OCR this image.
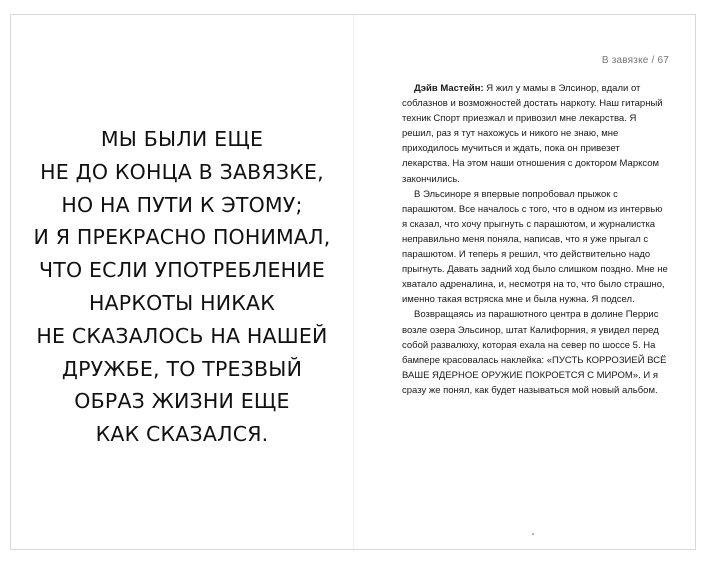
МЫ БЫЛИ ЕЩЕ
НЕ ДО КОНЦА В ЗАВЯЗКЕ,
НО НА ПУТИ К ЭТОМУ;
И Я ПРЕКРАСНО ПОНИМАЛ,
ЧТО ЕСЛИ УПОТРЕБЛЕНИЕ
НАРКОТЫ НИКАК
НЕ СКАЗАЛОСЬ НА НАШЕЙ
ДРУЖБЕ, ТО ТРЕЗВЫЙ
ОБРАЗ ЖИЗНИ ЕЩЕ
КАК СКАЗАЛСЯ.
В завязке / 67

Дэйв Мастейн: Я жил у мамы в Элсинор, вдали от соблазнов и возможностей достать наркоту. Наш гитарный техник Спорт приезжал и привозил мне лекарства. Я решил, раз я тут нахожусь и никого не знаю, мне приходилось мучиться и ждать, пока он привезет лекарства. На этом наши отношения с доктором Марксом закончились.

В Эльсиноре я впервые попробовал прыжок с парашютом. Все началось с того, что в одном из интервью я сказал, что хочу прыгнуть с парашютом, и журналистка неправильно меня поняла, написав, что я уже прыгал с парашютом. И теперь я решил, что действительно надо прыгнуть. Давать задний ход было слишком поздно. Мне не хватало адреналина, и, несмотря на то, что было страшно, именно такая встряска мне и была нужна. Я подсел.

Возвращаясь из парашютного центра в долине Перрис возле озера Эльсинор, штат Калифорния, я увидел перед собой развалюху, которая ехала на север по шоссе 5. На бампере красовалась наклейка: «ПУСТЬ КОРРОЗИЕЙ ВСЁ ВАШЕ ЯДЕРНОЕ ОРУЖИЕ ПОКРОЕТСЯ С МИРОМ». И я сразу же понял, как будет называться мой новый альбом.
